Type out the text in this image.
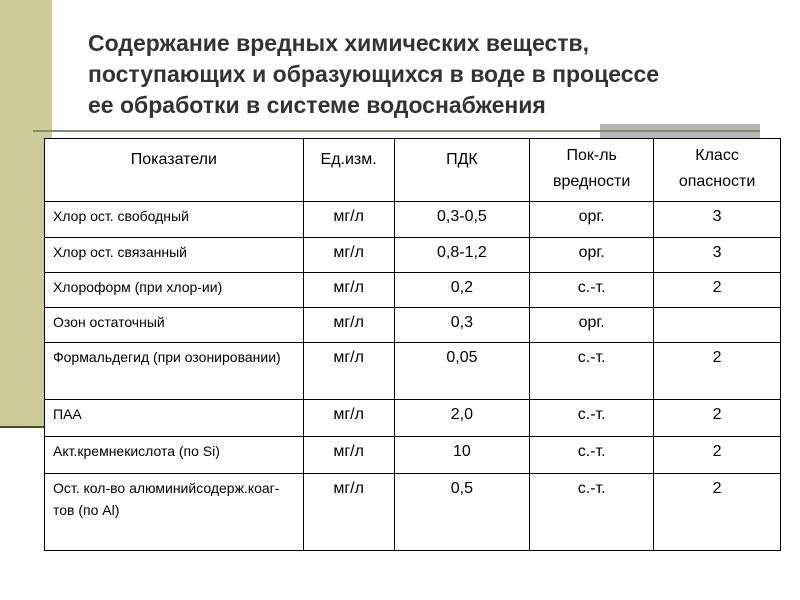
Содержание вредных химических веществ,
поступающих и образующихся в воде в процессе
ее обработки в системе водоснабжения
Показатели	Ед.изм.	ПДК	Пок-ль вредности	Класс опасности
Хлор ост. свободный	мг/л	0,3-0,5	орг.	3
Хлор ост. связанный	мг/л	0,8-1,2	орг.	3
Хлороформ (при хлор-ии)	мг/л	0,2	с.-т.	2
Озон остаточный	мг/л	0,3	орг.	
Формальдегид (при озонировании)	мг/л	0,05	с.-т.	2
ПАА	мг/л	2,0	с.-т.	2
Акт.кремнекислота (по Si)	мг/л	10	с.-т.	2
Ост. кол-во алюминийсодерж.коаг-тов (по Al)	мг/л	0,5	с.-т.	2
